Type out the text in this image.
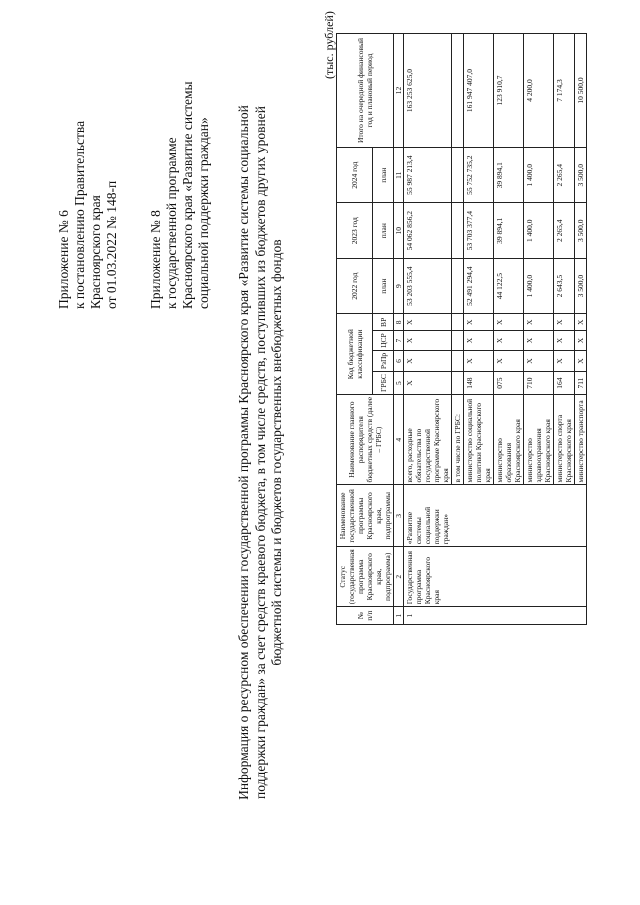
Приложение № 6 к постановлению Правительства Красноярского края от 01.03.2022 № 148-п Приложение № 8 к государственной программе Красноярского края «Развитие системы социальной поддержки граждан» Информация о ресурсном обеспечении государственной программы Красноярского края «Развитие системы социальной поддержки граждан» за счет средств краевого бюджета, в том числе средств, поступивших из бюджетов других уровней бюджетной системы и бюджетов государственных внебюджетных фондов
(тыс. рублей)
№ п/п	Статус (государственная программа Красноярского края, подпрограмма)	Наименование государственной программы Красноярского края, подпрограммы	Наименование главного распорядителя бюджетных средств (далее – ГРБС)	Код бюджетной классификации				2022 год	2023 год	2024 год	Итого на очередной финансовый год и плановый период
				ГРБС	РзПр	ЦСР	ВР	план	план	план	
1	2	3	4	5	6	7	8	9	10	11	12
1	Государственная программа Красноярского края	«Развитие системы социальной поддержки граждан»	всего, расходные обязательства по государственной программе Красноярского края	Х	Х	Х	Х	53 203 555,4	54 062 856,2	55 987 213,4	163 253 625,0
			в том числе по ГРБС:								
			министерство социальной политики Красноярского края	148	Х	Х	Х	52 491 294,4	53 703 377,4	55 752 735,2	161 947 407,0
			министерство образования Красноярского края	075	Х	Х	Х	44 122,5	39 894,1	39 894,1	123 910,7
			министерство здравоохранения Красноярского края	710	Х	Х	Х	1 400,0	1 400,0	1 400,0	4 200,0
			министерство спорта Красноярского края	164	Х	Х	Х	2 643,5	2 265,4	2 265,4	7 174,3
			министерство транспорта	711	Х	Х	Х	3 500,0	3 500,0	3 500,0	10 500,0
